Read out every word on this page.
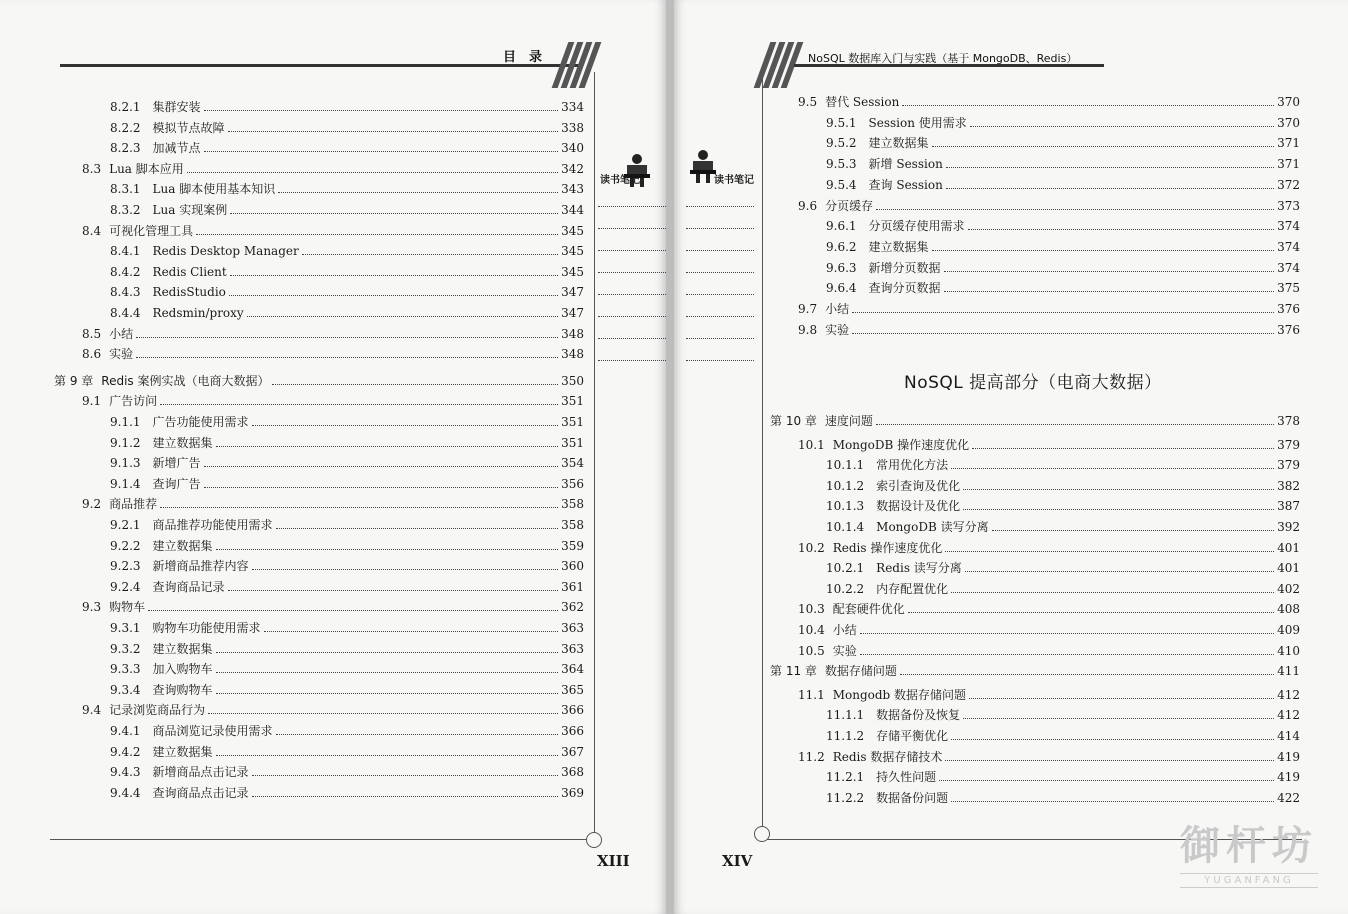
目　录
8.2.1	集群安装	334
8.2.2	模拟节点故障	338
8.2.3	加减节点	340
8.3 Lua 脚本应用	342
8.3.1	Lua 脚本使用基本知识	343
8.3.2	Lua 实现案例	344
8.4 可视化管理工具	345
8.4.1	Redis Desktop Manager	345
8.4.2	Redis Client	345
8.4.3	RedisStudio	347
8.4.4	Redsmin/proxy	347
8.5 小结	348
8.6 实验	348
第 9 章 Redis 案例实战（电商大数据）	350
9.1 广告访问	351
9.1.1	广告功能使用需求	351
9.1.2	建立数据集	351
9.1.3	新增广告	354
9.1.4	查询广告	356
9.2 商品推荐	358
9.2.1	商品推荐功能使用需求	358
9.2.2	建立数据集	359
9.2.3	新增商品推荐内容	360
9.2.4	查询商品记录	361
9.3 购物车	362
9.3.1	购物车功能使用需求	363
9.3.2	建立数据集	363
9.3.3	加入购物车	364
9.3.4	查询购物车	365
9.4 记录浏览商品行为	366
9.4.1	商品浏览记录使用需求	366
9.4.2	建立数据集	367
9.4.3	新增商品点击记录	368
9.4.4	查询商品点击记录	369
读书笔记
XIII
NoSQL 数据库入门与实践（基于 MongoDB、Redis）
9.5 替代 Session	370
9.5.1	Session 使用需求	370
9.5.2	建立数据集	371
9.5.3	新增 Session	371
9.5.4	查询 Session	372
9.6 分页缓存	373
9.6.1	分页缓存使用需求	374
9.6.2	建立数据集	374
9.6.3	新增分页数据	374
9.6.4	查询分页数据	375
9.7 小结	376
9.8 实验	376
第 10 章 速度问题	378
10.1 MongoDB 操作速度优化	379
10.1.1	常用优化方法	379
10.1.2	索引查询及优化	382
10.1.3	数据设计及优化	387
10.1.4	MongoDB 读写分离	392
10.2 Redis 操作速度优化	401
10.2.1	Redis 读写分离	401
10.2.2	内存配置优化	402
10.3 配套硬件优化	408
10.4 小结	409
10.5 实验	410
第 11 章 数据存储问题	411
11.1 Mongodb 数据存储问题	412
11.1.1	数据备份及恢复	412
11.1.2	存储平衡优化	414
11.2 Redis 数据存储技术	419
11.2.1	持久性问题	419
11.2.2	数据备份问题	422
NoSQL 提高部分（电商大数据）
读书笔记
XIV	御杆坊
YUGANFANG
